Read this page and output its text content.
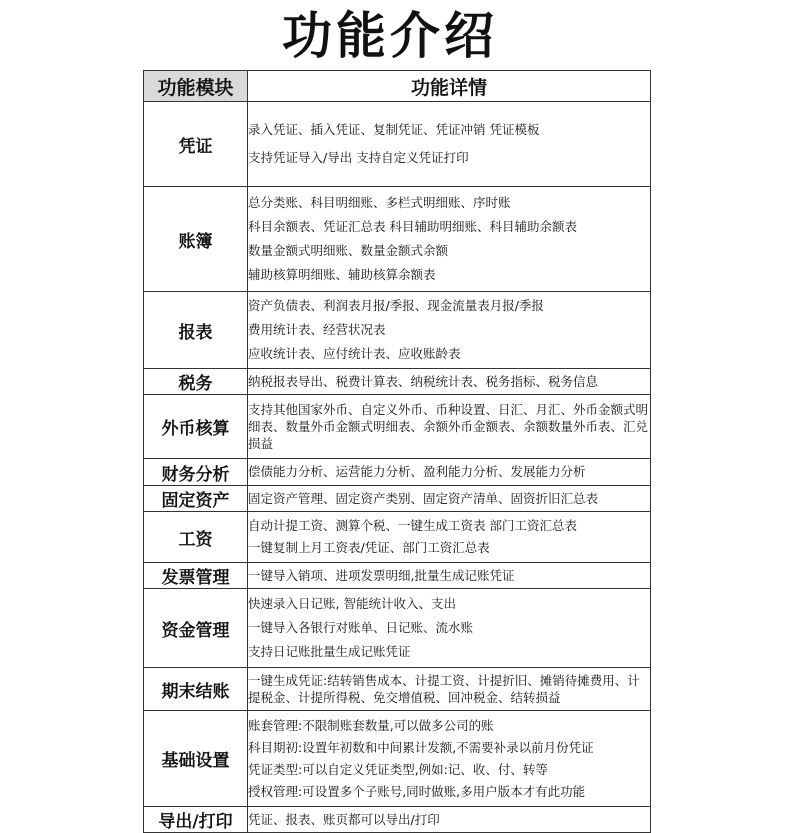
功能介绍
功能模块	功能详情
凭证	录入凭证、插入凭证、复制凭证、凭证冲销 凭证模板
支持凭证导入/导出 支持自定义凭证打印

账簿	总分类账、科目明细账、多栏式明细账、序时账
科目余额表、凭证汇总表 科目辅助明细账、科目辅助余额表
数量金额式明细账、数量金额式余额
辅助核算明细账、辅助核算余额表

报表	资产负债表、利润表月报/季报、现金流量表月报/季报
费用统计表、经营状况表
应收统计表、应付统计表、应收账龄表

税务	纳税报表导出、税费计算表、纳税统计表、税务指标、税务信息

外币核算	支持其他国家外币、自定义外币、币种设置、日汇、月汇、外币金额式明细表、数量外币金额式明细表、余额外币金额表、余额数量外币表、汇兑损益

财务分析	偿债能力分析、运营能力分析、盈利能力分析、发展能力分析

固定资产	固定资产管理、固定资产类别、固定资产清单、固资折旧汇总表

工资	自动计提工资、测算个税、一键生成工资表 部门工资汇总表
一键复制上月工资表/凭证、部门工资汇总表

发票管理	一键导入销项、进项发票明细,批量生成记账凭证

资金管理	快速录入日记账, 智能统计收入、支出
一键导入各银行对账单、日记账、流水账
支持日记账批量生成记账凭证

期末结账	一键生成凭证:结转销售成本、计提工资、计提折旧、摊销待摊费用、计提税金、计提所得税、免交增值税、回冲税金、结转损益

基础设置	账套管理:不限制账套数量,可以做多公司的账
科目期初:设置年初数和中间累计发额,不需要补录以前月份凭证
凭证类型:可以自定义凭证类型,例如:记、收、付、转等
授权管理:可设置多个子账号,同时做账,多用户版本才有此功能

导出/打印	凭证、报表、账页都可以导出/打印
